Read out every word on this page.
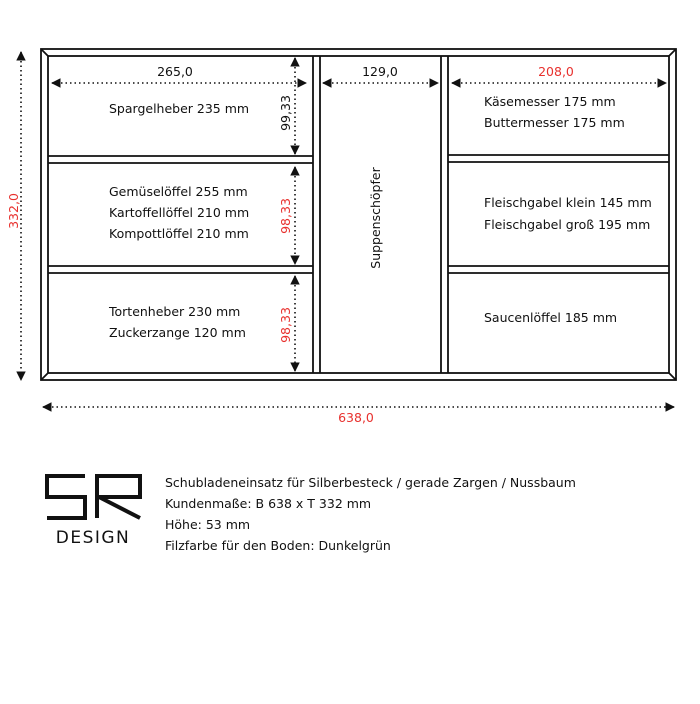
265,0	129,0	208,0
99,33
98,33
98,33
332,0
638,0
Spargelheber 235 mm
Gemüselöffel 255 mm
Kartoffellöffel 210 mm
Kompottlöffel 210 mm
Tortenheber 230 mm
Zuckerzange 120 mm
Suppenschöpfer
Käsemesser 175 mm
Buttermesser 175 mm
Fleischgabel klein 145 mm
Fleischgabel groß 195 mm
Saucenlöffel 185 mm
DESIGN
Schubladeneinsatz für Silberbesteck / gerade Zargen / Nussbaum
Kundenmaße: B 638 x T 332 mm
Höhe: 53 mm
Filzfarbe für den Boden: Dunkelgrün
